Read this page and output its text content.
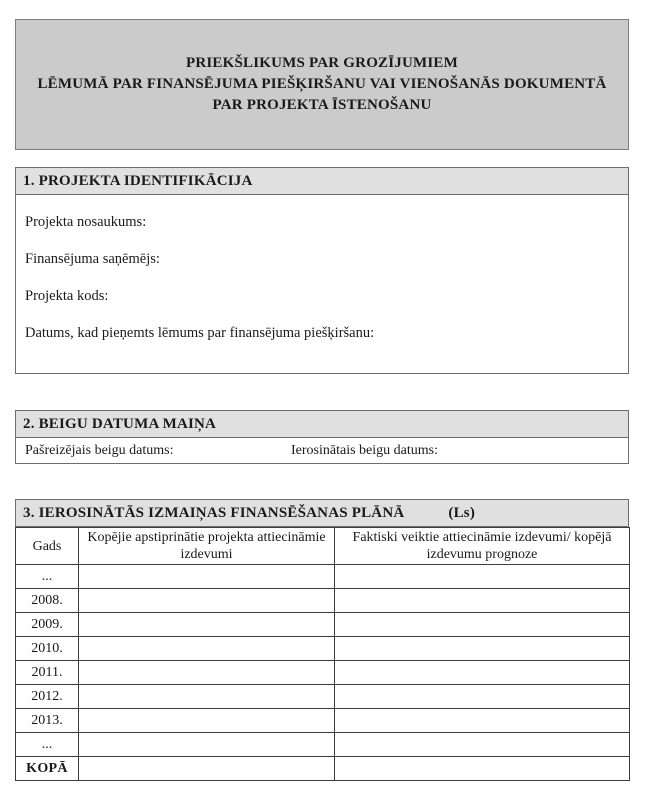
PRIEKŠLIKUMS PAR GROZĪJUMIEM
LĒMUMĀ PAR FINANSĒJUMA PIEŠĶIRŠANU VAI VIENOŠANĀS DOKUMENTĀ
PAR PROJEKTA ĪSTENOŠANU
1. PROJEKTA IDENTIFIKĀCIJA
Projekta nosaukums:
Finansējuma saņēmējs:
Projekta kods:
Datums, kad pieņemts lēmums par finansējuma piešķiršanu:
2. BEIGU DATUMA MAIŅA
Pašreizējais beigu datums:	Ierosinātais beigu datums:
3. IEROSINĀTĀS IZMAIŅAS FINANSĒŠANAS PLĀNĀ	(Ls)
Gads	Kopējie apstiprinātie projekta attiecināmie izdevumi	Faktiski veiktie attiecināmie izdevumi/ kopējā izdevumu prognoze
...		
2008.		
2009.		
2010.		
2011.		
2012.		
2013.		
...		
KOPĀ		
